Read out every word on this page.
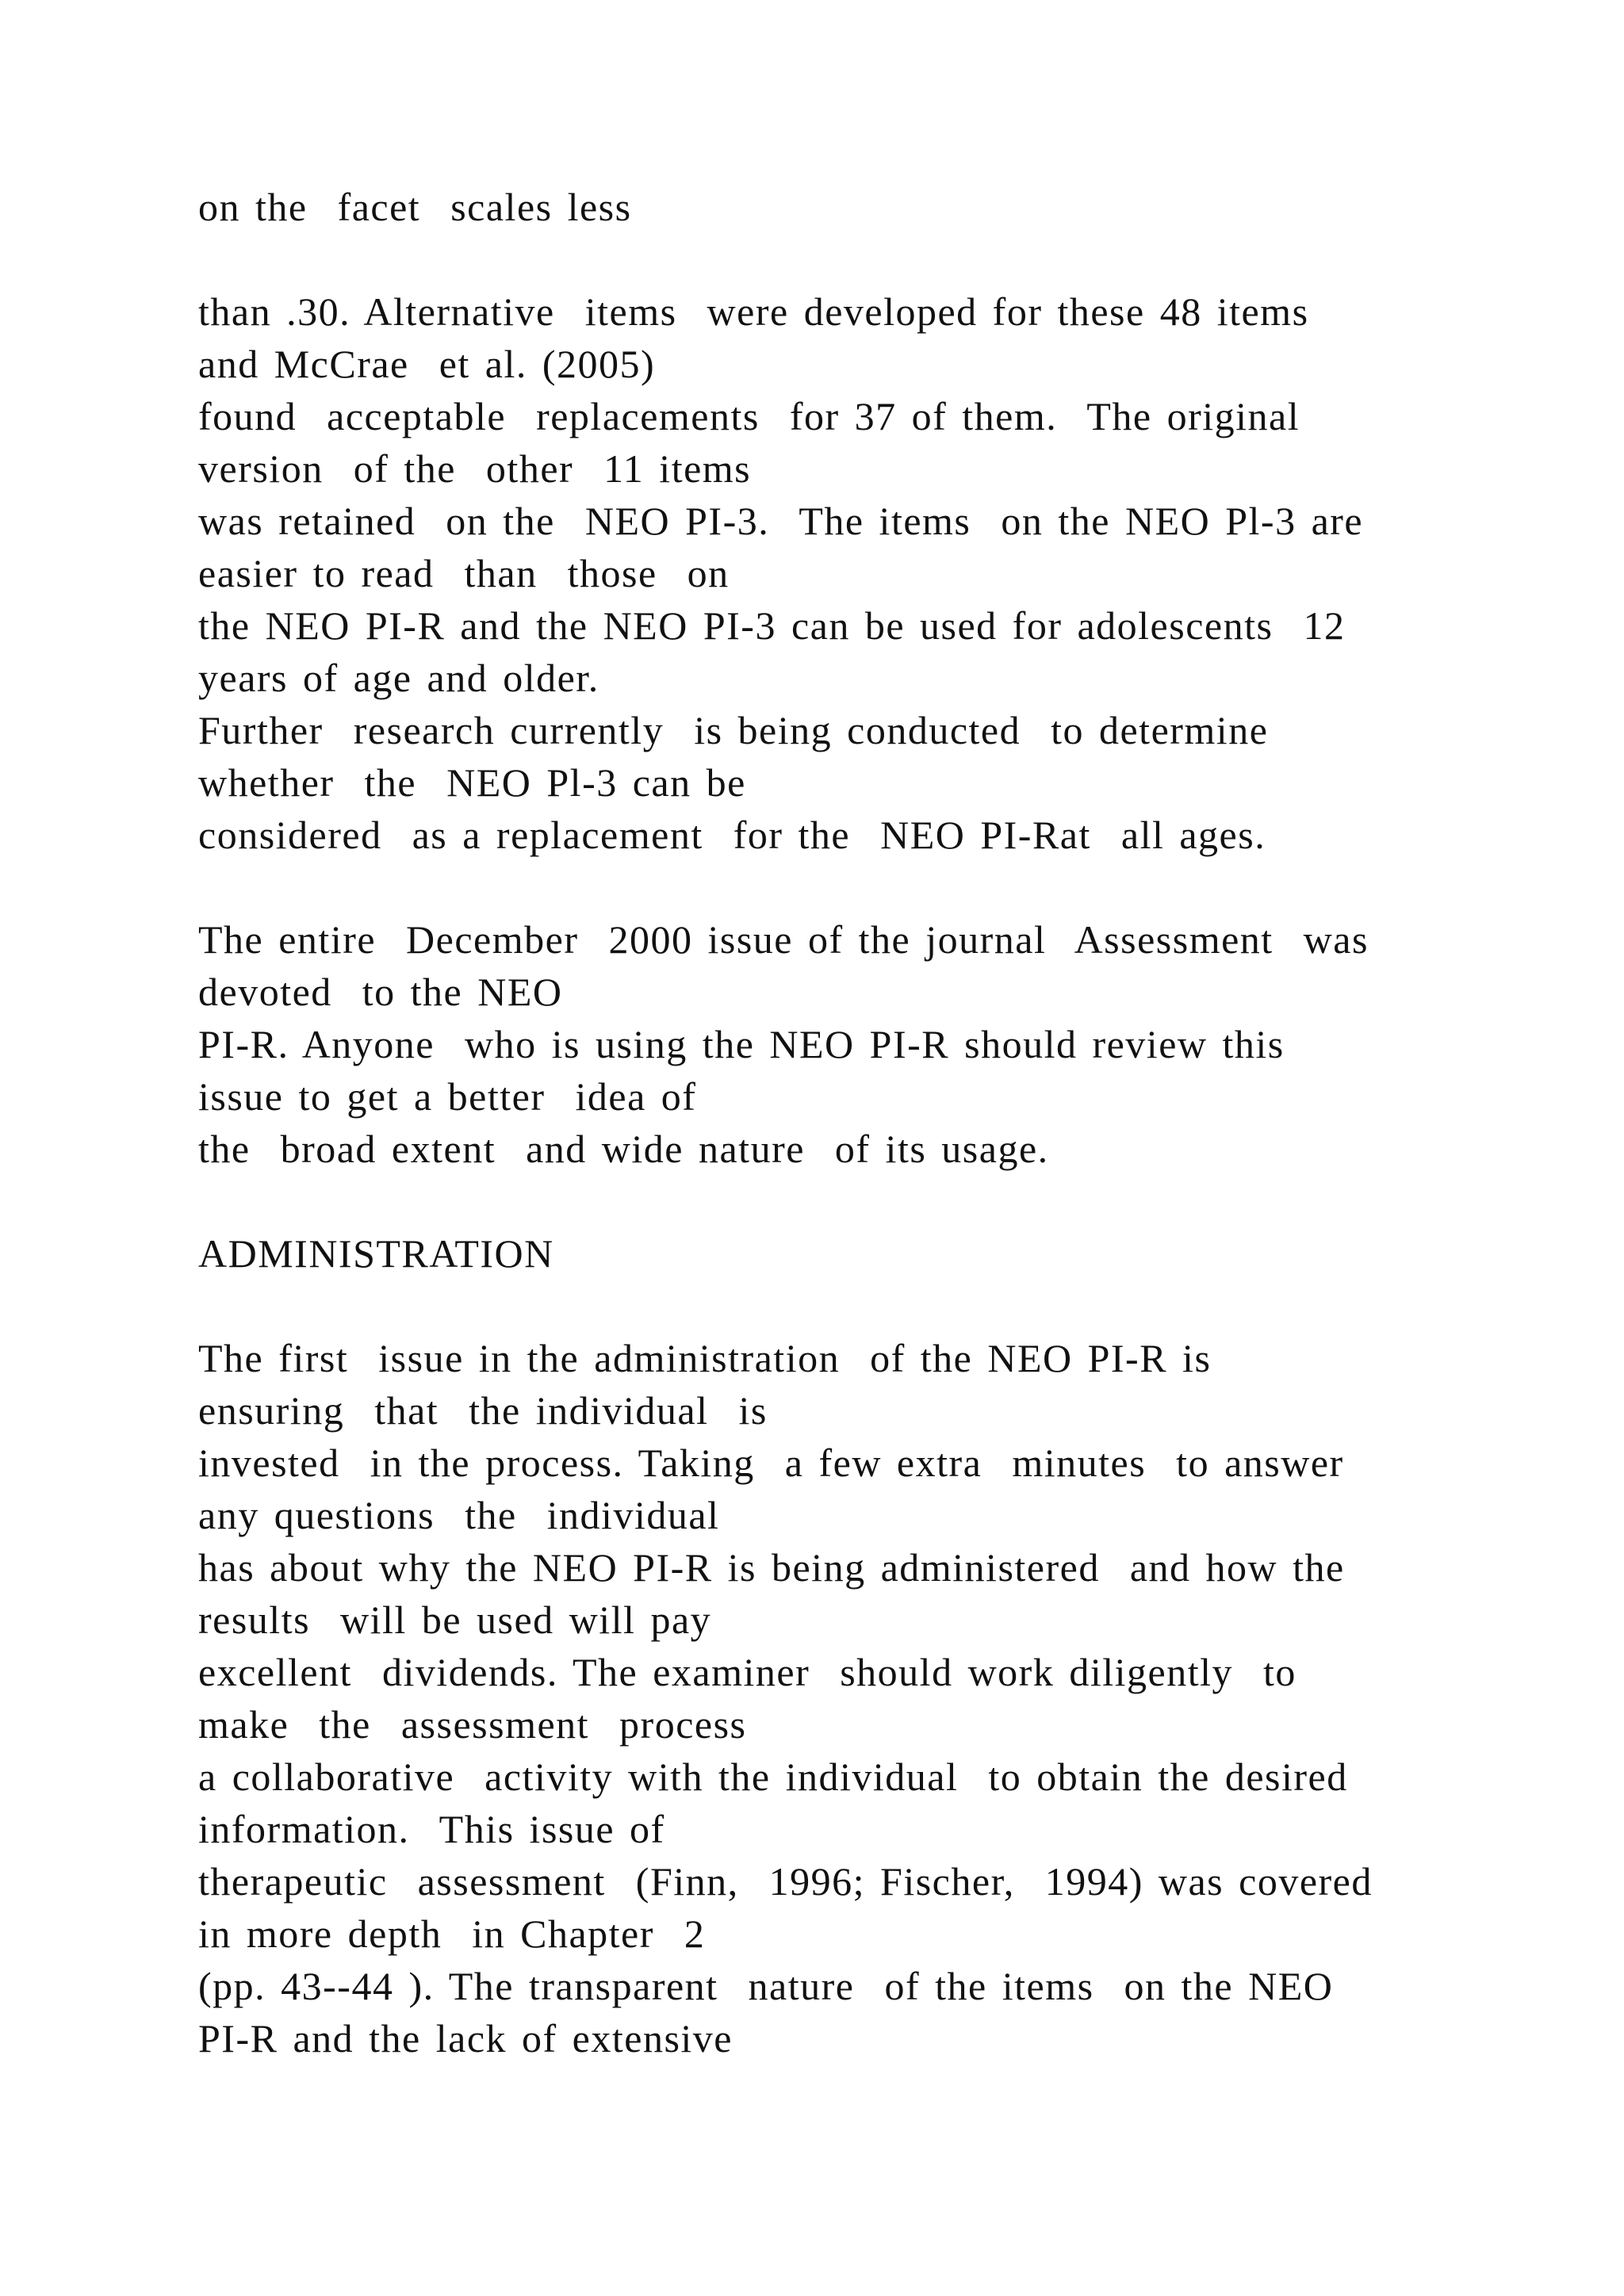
on the  facet  scales less
than .30. Alternative  items  were developed for these 48 items
and McCrae  et al. (2005)
found  acceptable  replacements  for 37 of them.  The original
version  of the  other  11 items
was retained  on the  NEO PI-3.  The items  on the NEO Pl-3 are
easier to read  than  those  on
the NEO PI-R and the NEO PI-3 can be used for adolescents  12
years of age and older.
Further  research currently  is being conducted  to determine
whether  the  NEO Pl-3 can be
considered  as a replacement  for the  NEO PI-Rat  all ages.
The entire  December  2000 issue of the journal  Assessment  was
devoted  to the NEO
PI-R. Anyone  who is using the NEO PI-R should review this
issue to get a better  idea of
the  broad extent  and wide nature  of its usage.
ADMINISTRATION
The first  issue in the administration  of the NEO PI-R is
ensuring  that  the individual  is
invested  in the process. Taking  a few extra  minutes  to answer
any questions  the  individual
has about why the NEO PI-R is being administered  and how the
results  will be used will pay
excellent  dividends. The examiner  should work diligently  to
make  the  assessment  process
a collaborative  activity with the individual  to obtain the desired
information.  This issue of
therapeutic  assessment  (Finn,  1996; Fischer,  1994) was covered
in more depth  in Chapter  2
(pp. 43--44 ). The transparent  nature  of the items  on the NEO
PI-R and the lack of extensive
